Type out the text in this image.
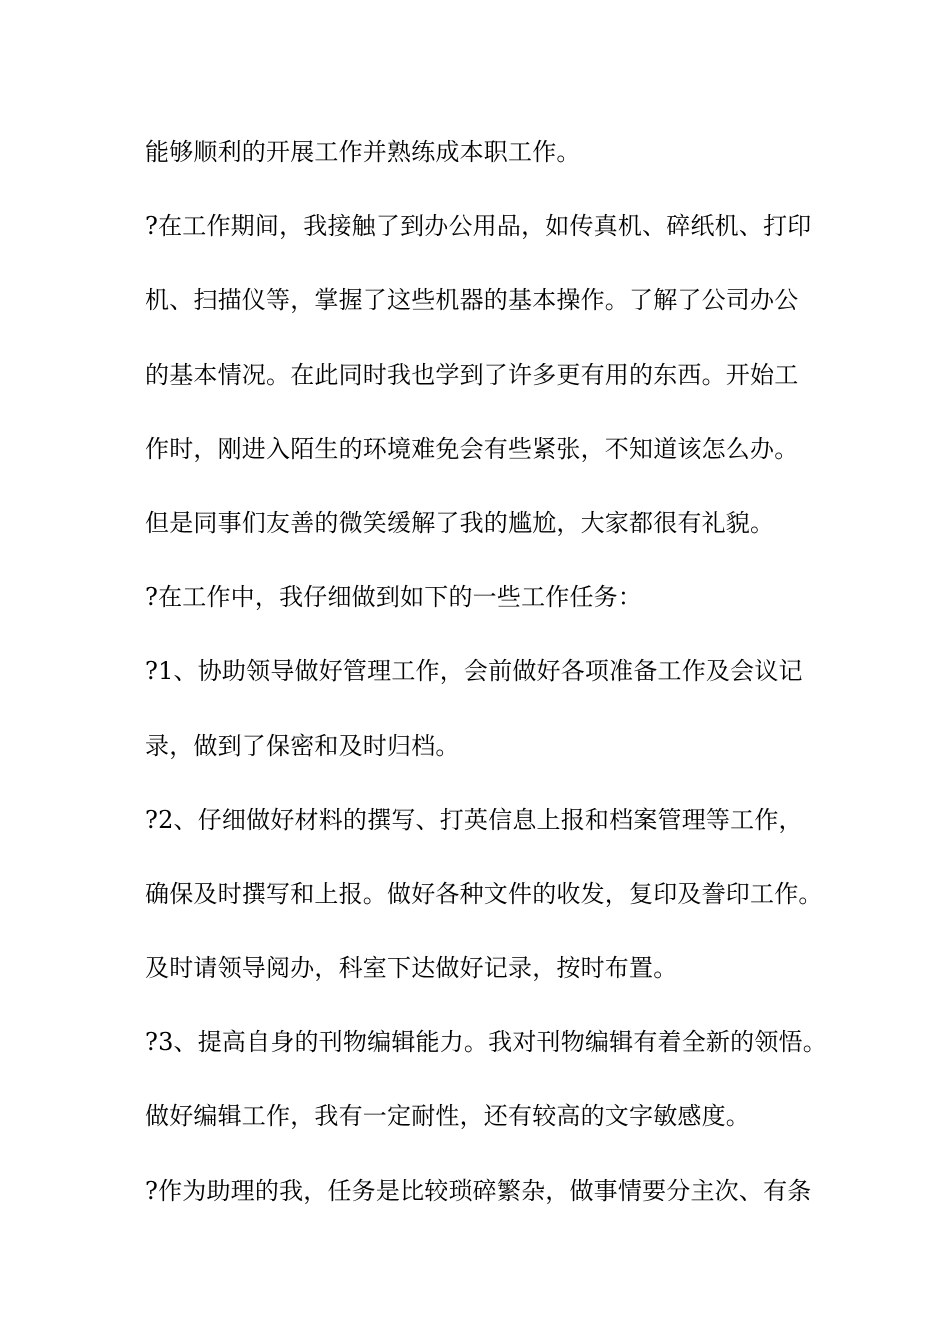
能够顺利的开展工作并熟练成本职工作。
?在工作期间，我接触了到办公用品，如传真机、碎纸机、打印
机、扫描仪等，掌握了这些机器的基本操作。了解了公司办公
的基本情况。在此同时我也学到了许多更有用的东西。开始工
作时，刚进入陌生的环境难免会有些紧张，不知道该怎么办。
但是同事们友善的微笑缓解了我的尴尬，大家都很有礼貌。
?在工作中，我仔细做到如下的一些工作任务：
?1、协助领导做好管理工作，会前做好各项准备工作及会议记
录，做到了保密和及时归档。
?2、仔细做好材料的撰写、打英信息上报和档案管理等工作，
确保及时撰写和上报。做好各种文件的收发，复印及誊印工作。
及时请领导阅办，科室下达做好记录，按时布置。
?3、提高自身的刊物编辑能力。我对刊物编辑有着全新的领悟。
做好编辑工作，我有一定耐性，还有较高的文字敏感度。
?作为助理的我，任务是比较琐碎繁杂，做事情要分主次、有条
